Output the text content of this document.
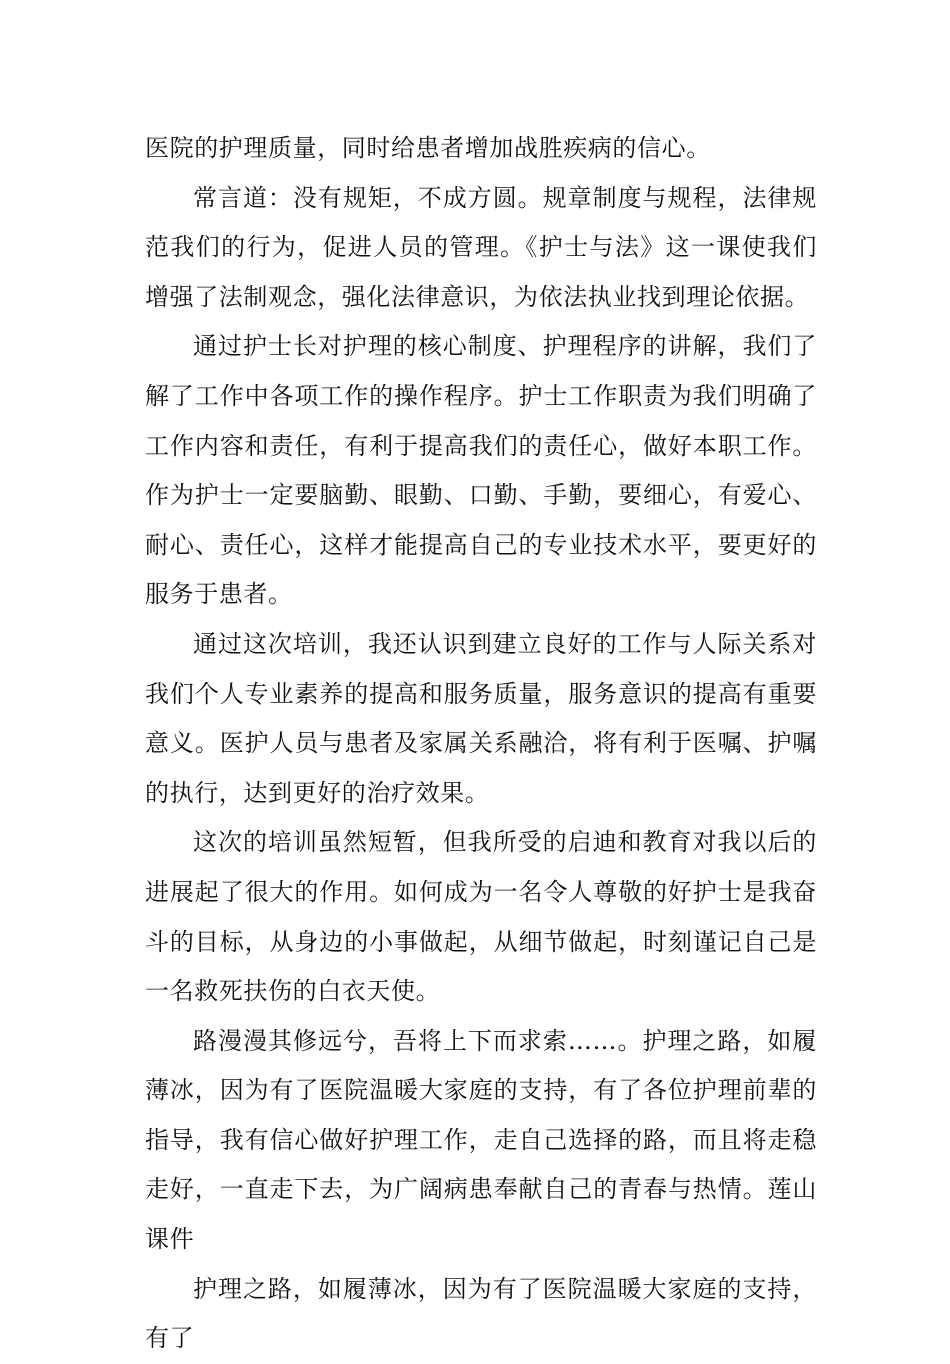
医院的护理质量，同时给患者增加战胜疾病的信心。

常言道：没有规矩，不成方圆。规章制度与规程，法律规范我们的行为，促进人员的管理。《护士与法》这一课使我们增强了法制观念，强化法律意识，为依法执业找到理论依据。

通过护士长对护理的核心制度、护理程序的讲解，我们了解了工作中各项工作的操作程序。护士工作职责为我们明确了工作内容和责任，有利于提高我们的责任心，做好本职工作。作为护士一定要脑勤、眼勤、口勤、手勤，要细心，有爱心、耐心、责任心，这样才能提高自己的专业技术水平，要更好的服务于患者。

通过这次培训，我还认识到建立良好的工作与人际关系对我们个人专业素养的提高和服务质量，服务意识的提高有重要意义。医护人员与患者及家属关系融洽，将有利于医嘱、护嘱的执行，达到更好的治疗效果。

这次的培训虽然短暂，但我所受的启迪和教育对我以后的进展起了很大的作用。如何成为一名令人尊敬的好护士是我奋斗的目标，从身边的小事做起，从细节做起，时刻谨记自己是一名救死扶伤的白衣天使。

路漫漫其修远兮，吾将上下而求索……。护理之路，如履薄冰，因为有了医院温暖大家庭的支持，有了各位护理前辈的指导，我有信心做好护理工作，走自己选择的路，而且将走稳走好，一直走下去，为广阔病患奉献自己的青春与热情。莲山课件

护理之路，如履薄冰，因为有了医院温暖大家庭的支持，有了
